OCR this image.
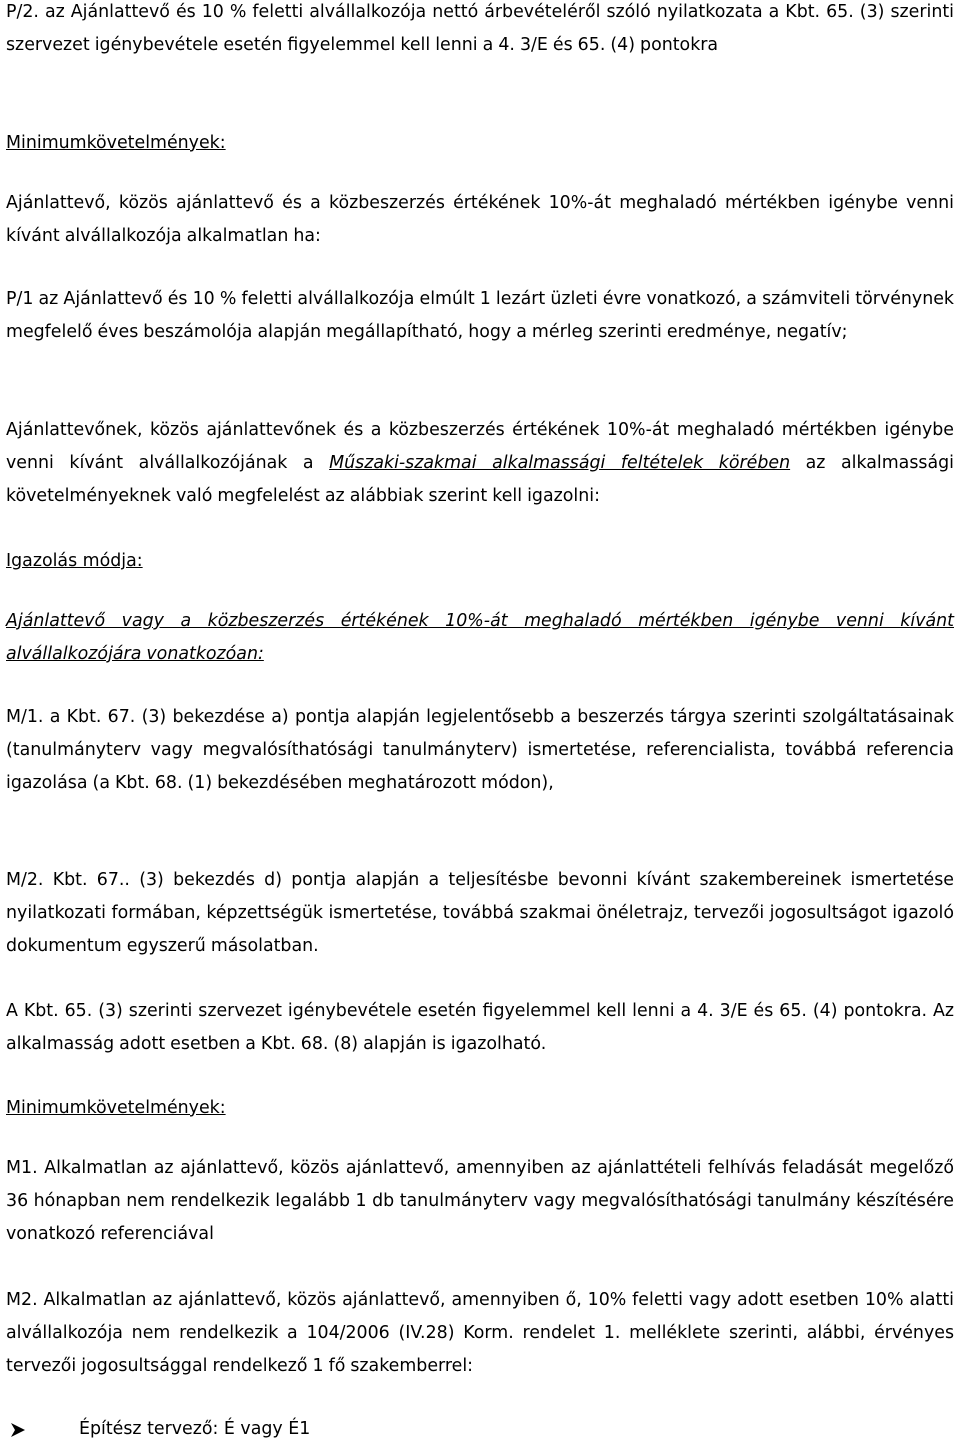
P/2. az Ajánlattevő és 10 % feletti alvállalkozója nettó árbevételéről szóló nyilatkozata a Kbt. 65. (3) szerinti szervezet igénybevétele esetén figyelemmel kell lenni a 4. 3/E és 65. (4) pontokra

Minimumkövetelmények:

Ajánlattevő, közös ajánlattevő és a közbeszerzés értékének 10%-át meghaladó mértékben igénybe venni kívánt alvállalkozója alkalmatlan ha:

P/1 az Ajánlattevő és 10 % feletti alvállalkozója elmúlt 1 lezárt üzleti évre vonatkozó, a számviteli törvénynek megfelelő éves beszámolója alapján megállapítható, hogy a mérleg szerinti eredménye, negatív;

Ajánlattevőnek, közös ajánlattevőnek és a közbeszerzés értékének 10%-át meghaladó mértékben igénybe venni kívánt alvállalkozójának a Műszaki-szakmai alkalmassági feltételek körében az alkalmassági követelményeknek való megfelelést az alábbiak szerint kell igazolni:

Igazolás módja:

Ajánlattevő vagy a közbeszerzés értékének 10%-át meghaladó mértékben igénybe venni kívánt alvállalkozójára vonatkozóan:

M/1. a Kbt. 67. (3) bekezdése a) pontja alapján legjelentősebb a beszerzés tárgya szerinti szolgáltatásainak (tanulmányterv vagy megvalósíthatósági tanulmányterv) ismertetése, referencialista, továbbá referencia igazolása (a Kbt. 68. (1) bekezdésében meghatározott módon),

M/2. Kbt. 67.. (3) bekezdés d) pontja alapján a teljesítésbe bevonni kívánt szakembereinek ismertetése nyilatkozati formában, képzettségük ismertetése, továbbá szakmai önéletrajz, tervezői jogosultságot igazoló dokumentum egyszerű másolatban.

A Kbt. 65. (3) szerinti szervezet igénybevétele esetén figyelemmel kell lenni a 4. 3/E és 65. (4) pontokra. Az alkalmasság adott esetben a Kbt. 68. (8) alapján is igazolható.

Minimumkövetelmények:

M1. Alkalmatlan az ajánlattevő, közös ajánlattevő, amennyiben az ajánlattételi felhívás feladását megelőző 36 hónapban nem rendelkezik legalább 1 db tanulmányterv vagy megvalósíthatósági tanulmány készítésére vonatkozó referenciával

M2. Alkalmatlan az ajánlattevő, közös ajánlattevő, amennyiben ő, 10% feletti vagy adott esetben 10% alatti alvállalkozója nem rendelkezik a 104/2006 (IV.28) Korm. rendelet 1. melléklete szerinti, alábbi, érvényes tervezői jogosultsággal rendelkező 1 fő szakemberrel:

Építész tervező: É vagy É1
